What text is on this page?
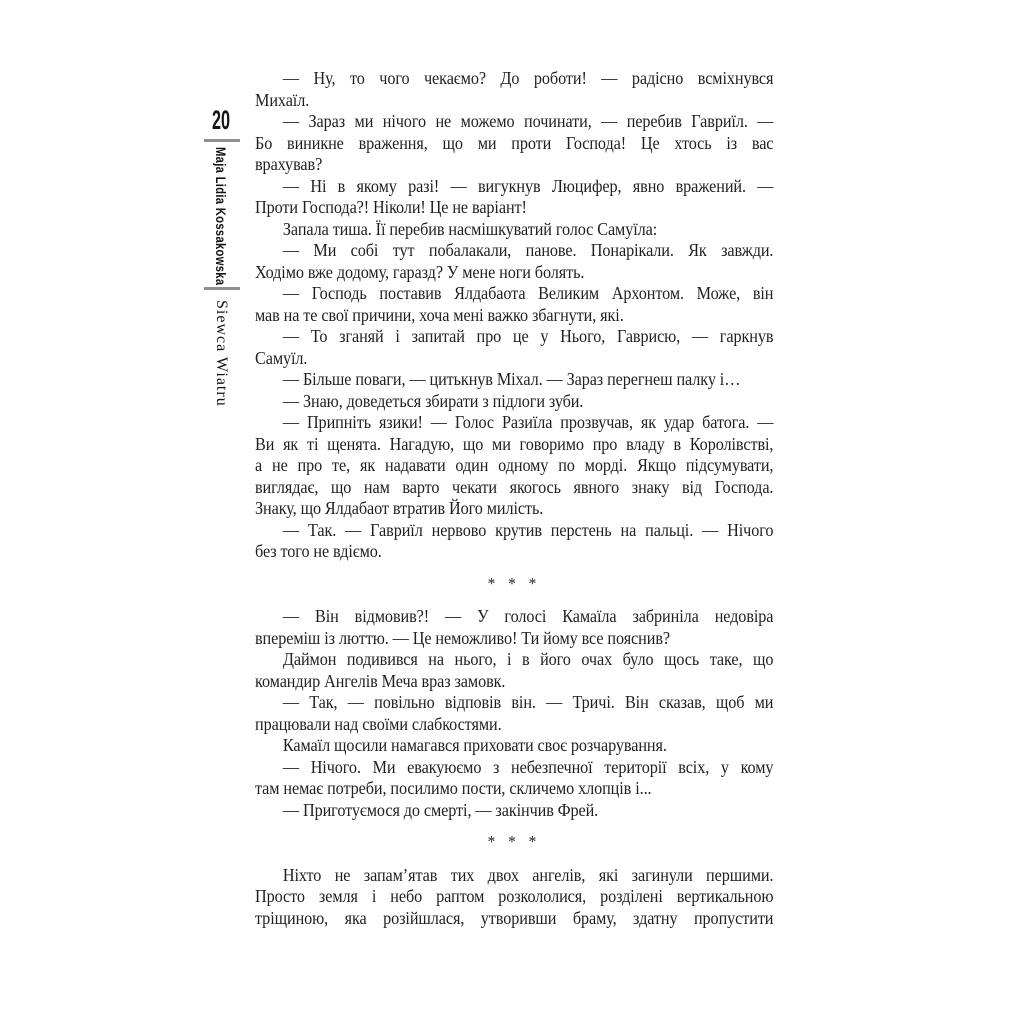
20
Maja Lidia Kossakowska
Siewca Wiatru
— Ну, то чого чекаємо? До роботи! — радісно всміхнувся
Михаїл.
— Зараз ми нічого не можемо починати, — перебив Гавриїл. —
Бо виникне враження, що ми проти Господа! Це хтось із вас
врахував?
— Ні в якому разі! — вигукнув Люцифер, явно вражений. —
Проти Господа?! Ніколи! Це не варіант!
Запала тиша. Її перебив насмішкуватий голос Самуїла:
— Ми собі тут побалакали, панове. Понарікали. Як завжди.
Ходімо вже додому, гаразд? У мене ноги болять.
— Господь поставив Ялдабаота Великим Архонтом. Може, він
мав на те свої причини, хоча мені важко збагнути, які.
— То зганяй і запитай про це у Нього, Гаврисю, — гаркнув
Самуїл.
— Більше поваги, — цитькнув Міхал. — Зараз перегнеш палку і…
— Знаю, доведеться збирати з підлоги зуби.
— Припніть язики! — Голос Разиїла прозвучав, як удар батога. —
Ви як ті щенята. Нагадую, що ми говоримо про владу в Королівстві,
а не про те, як надавати один одному по морді. Якщо підсумувати,
виглядає, що нам варто чекати якогось явного знаку від Господа.
Знаку, що Ялдабаот втратив Його милість.
— Так. — Гавриїл нервово крутив перстень на пальці. — Нічого
без того не вдіємо.
* * *
— Він відмовив?! — У голосі Камаїла забриніла недовіра
впереміш із люттю. — Це неможливо! Ти йому все пояснив?
Даймон подивився на нього, і в його очах було щось таке, що
командир Ангелів Меча враз замовк.
— Так, — повільно відповів він. — Тричі. Він сказав, щоб ми
працювали над своїми слабкостями.
Камаїл щосили намагався приховати своє розчарування.
— Нічого. Ми евакуюємо з небезпечної території всіх, у кому
там немає потреби, посилимо пости, скличемо хлопців і...
— Приготуємося до смерті, — закінчив Фрей.
* * *
Ніхто не запам’ятав тих двох ангелів, які загинули першими.
Просто земля і небо раптом розкололися, розділені вертикальною
тріщиною, яка розійшлася, утворивши браму, здатну пропустити
